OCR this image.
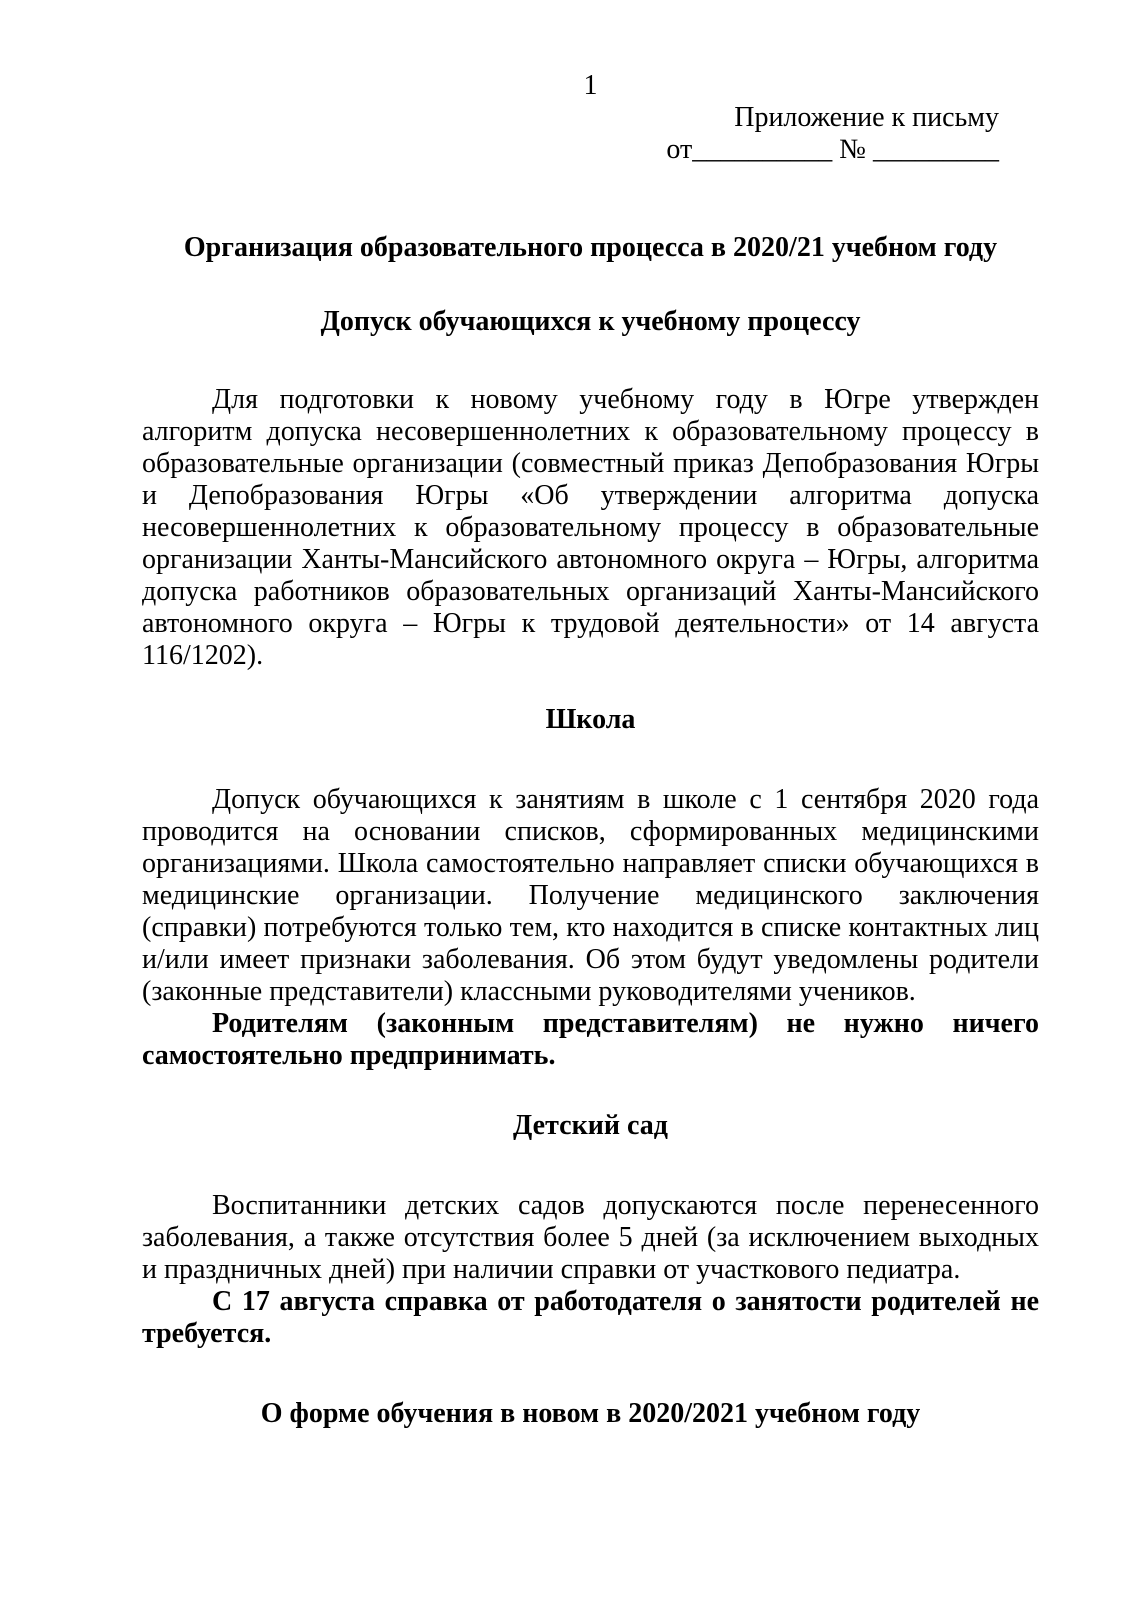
1
Приложение к письму
от__________ № _________
Организация образовательного процесса в 2020/21 учебном году
Допуск обучающихся к учебному процессу

Для подготовки к новому учебному году в Югре утвержден алгоритм допуска несовершеннолетних к образовательному процессу в образовательные организации (совместный приказ Депобразования Югры и Депобразования Югры «Об утверждении алгоритма допуска несовершеннолетних к образовательному процессу в образовательные организации Ханты-Мансийского автономного округа – Югры, алгоритма допуска работников образовательных организаций Ханты-Мансийского автономного округа – Югры к трудовой деятельности» от 14 августа 116/1202).

Школа

Допуск обучающихся к занятиям в школе с 1 сентября 2020 года проводится на основании списков, сформированных медицинскими организациями. Школа самостоятельно направляет списки обучающихся в медицинские организации. Получение медицинского заключения (справки) потребуются только тем, кто находится в списке контактных лиц и/или имеет признаки заболевания. Об этом будут уведомлены родители (законные представители) классными руководителями учеников.

Родителям (законным представителям) не нужно ничего самостоятельно предпринимать.

Детский сад

Воспитанники детских садов допускаются после перенесенного заболевания, а также отсутствия более 5 дней (за исключением выходных и праздничных дней) при наличии справки от участкового педиатра.

С 17 августа справка от работодателя о занятости родителей не требуется.

О форме обучения в новом в 2020/2021 учебном году
